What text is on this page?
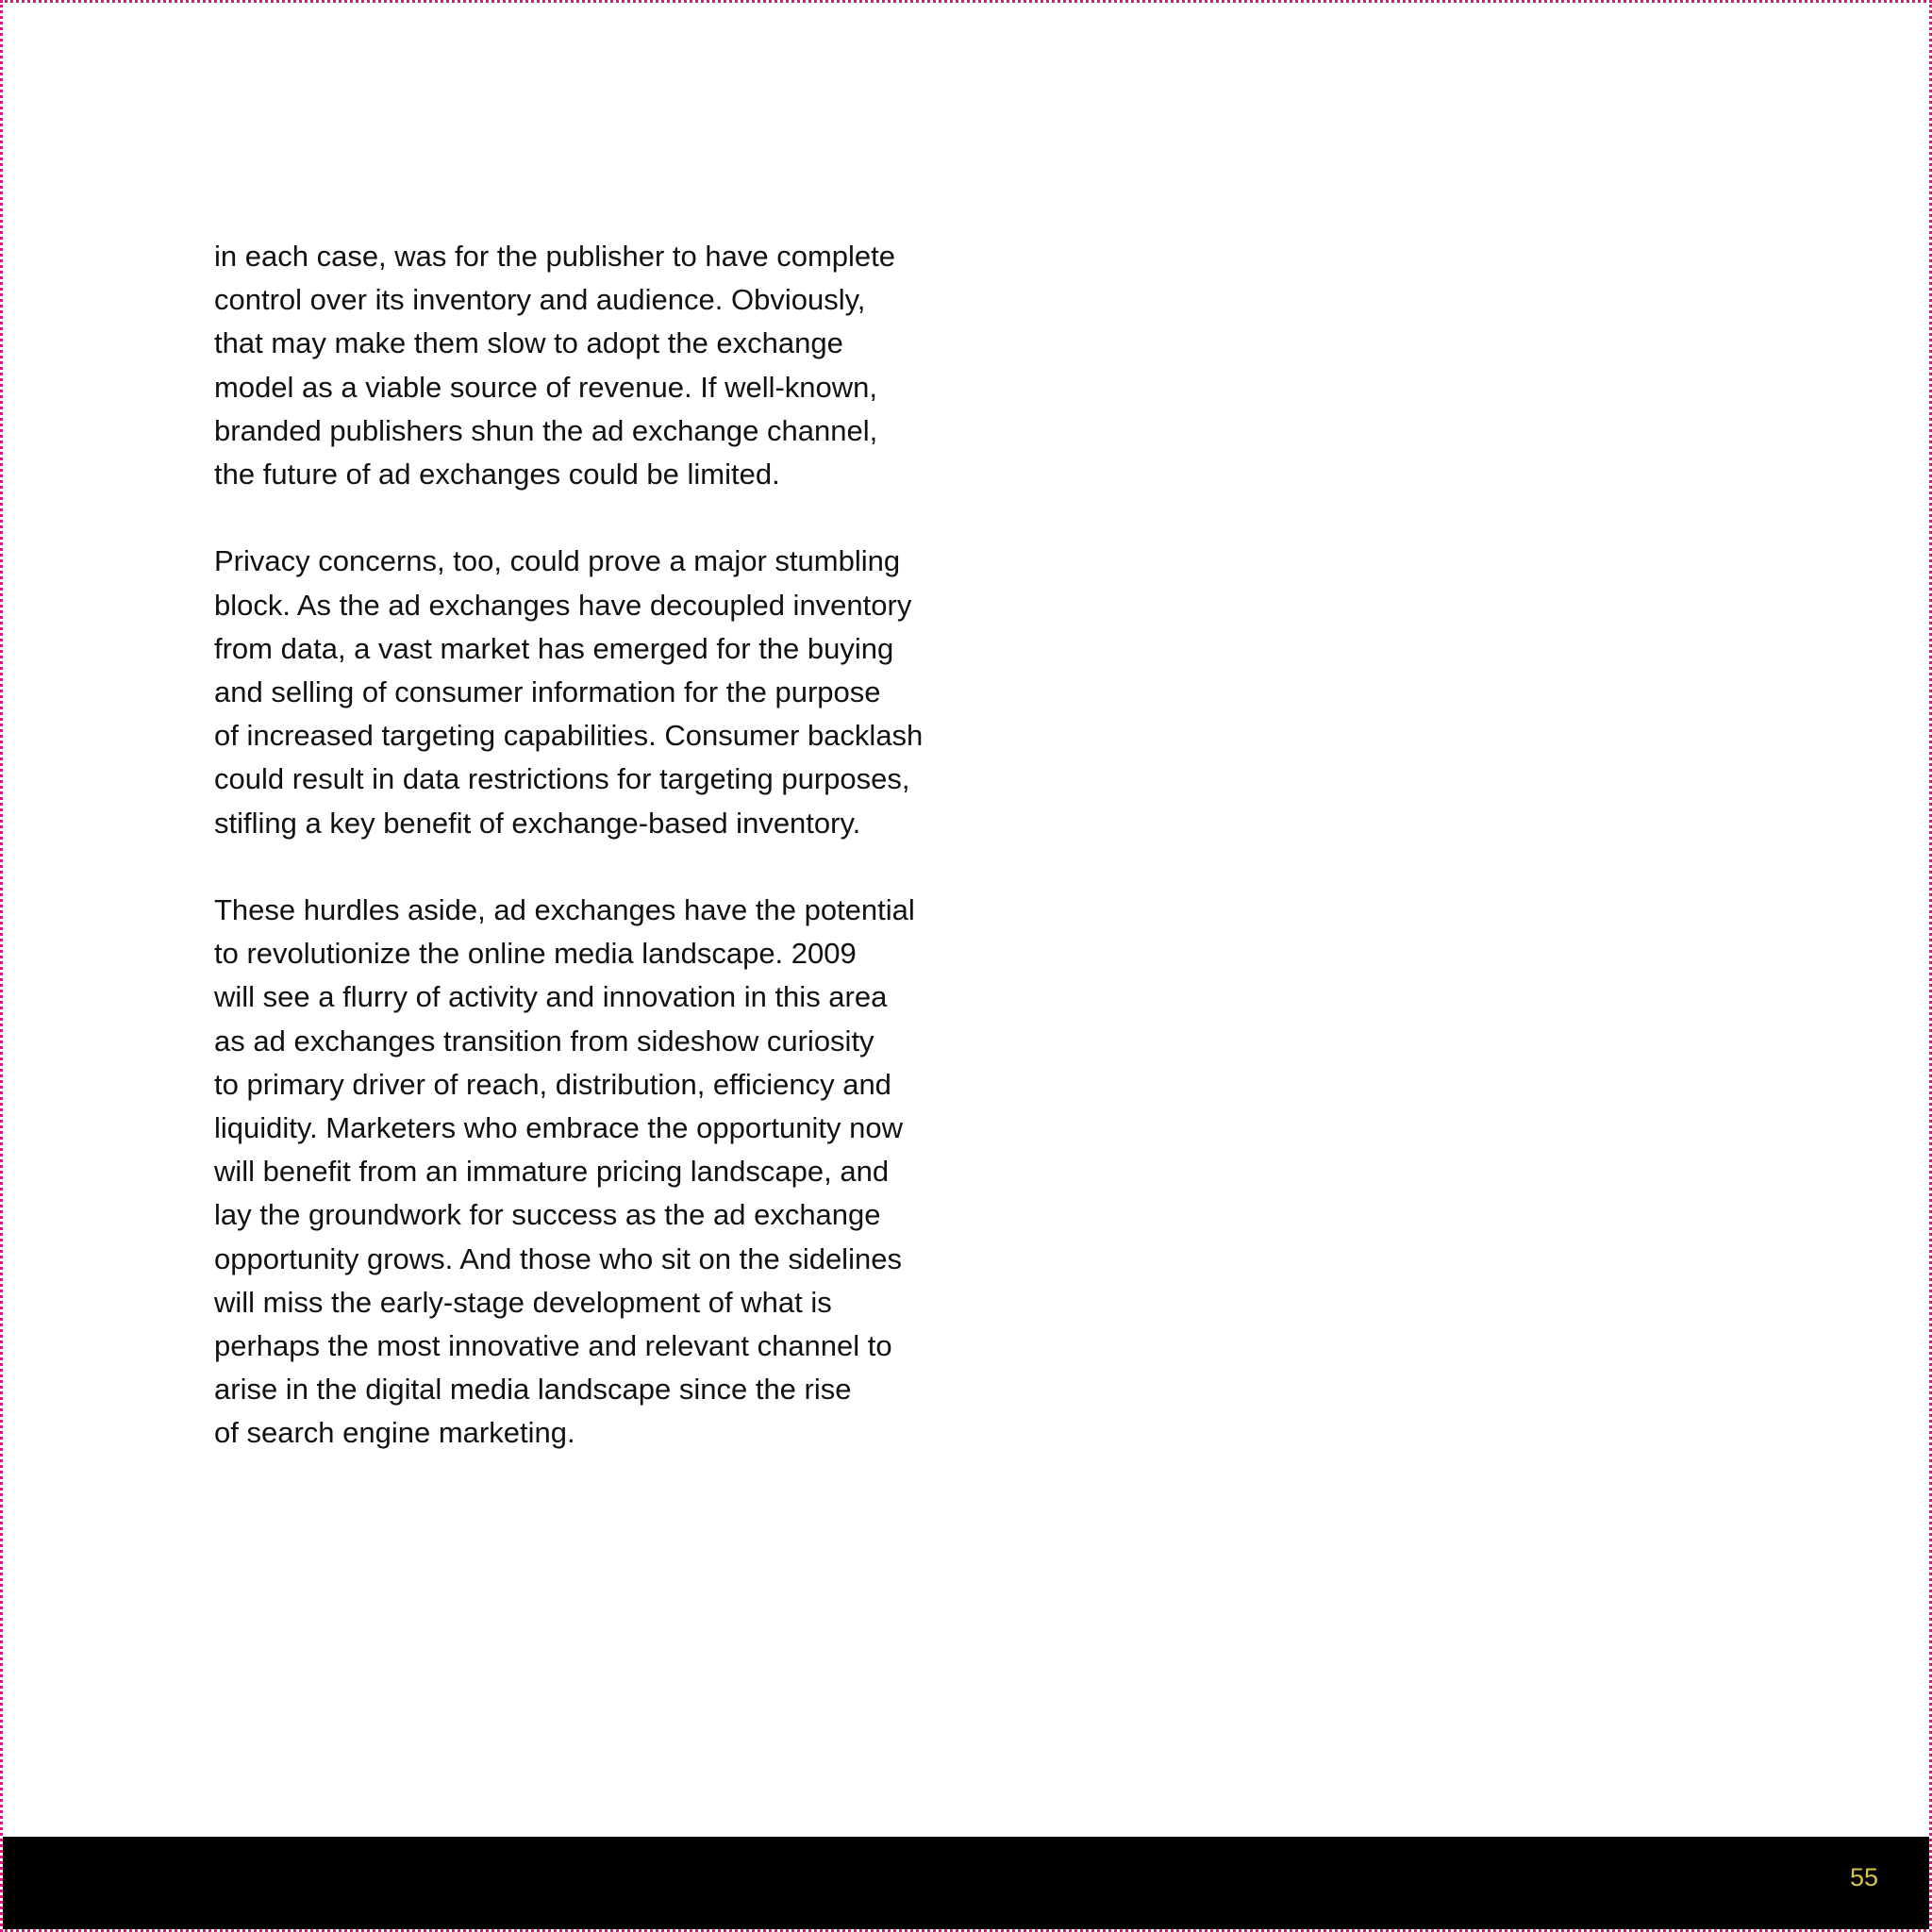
in each case, was for the publisher to have complete
control over its inventory and audience. Obviously,
that may make them slow to adopt the exchange
model as a viable source of revenue. If well-known,
branded publishers shun the ad exchange channel,
the future of ad exchanges could be limited.

Privacy concerns, too, could prove a major stumbling
block. As the ad exchanges have decoupled inventory
from data, a vast market has emerged for the buying
and selling of consumer information for the purpose
of increased targeting capabilities. Consumer backlash
could result in data restrictions for targeting purposes,
stifling a key benefit of exchange-based inventory.

These hurdles aside, ad exchanges have the potential
to revolutionize the online media landscape. 2009
will see a flurry of activity and innovation in this area
as ad exchanges transition from sideshow curiosity
to primary driver of reach, distribution, efficiency and
liquidity. Marketers who embrace the opportunity now
will benefit from an immature pricing landscape, and
lay the groundwork for success as the ad exchange
opportunity grows. And those who sit on the sidelines
will miss the early-stage development of what is
perhaps the most innovative and relevant channel to
arise in the digital media landscape since the rise
of search engine marketing.

55
